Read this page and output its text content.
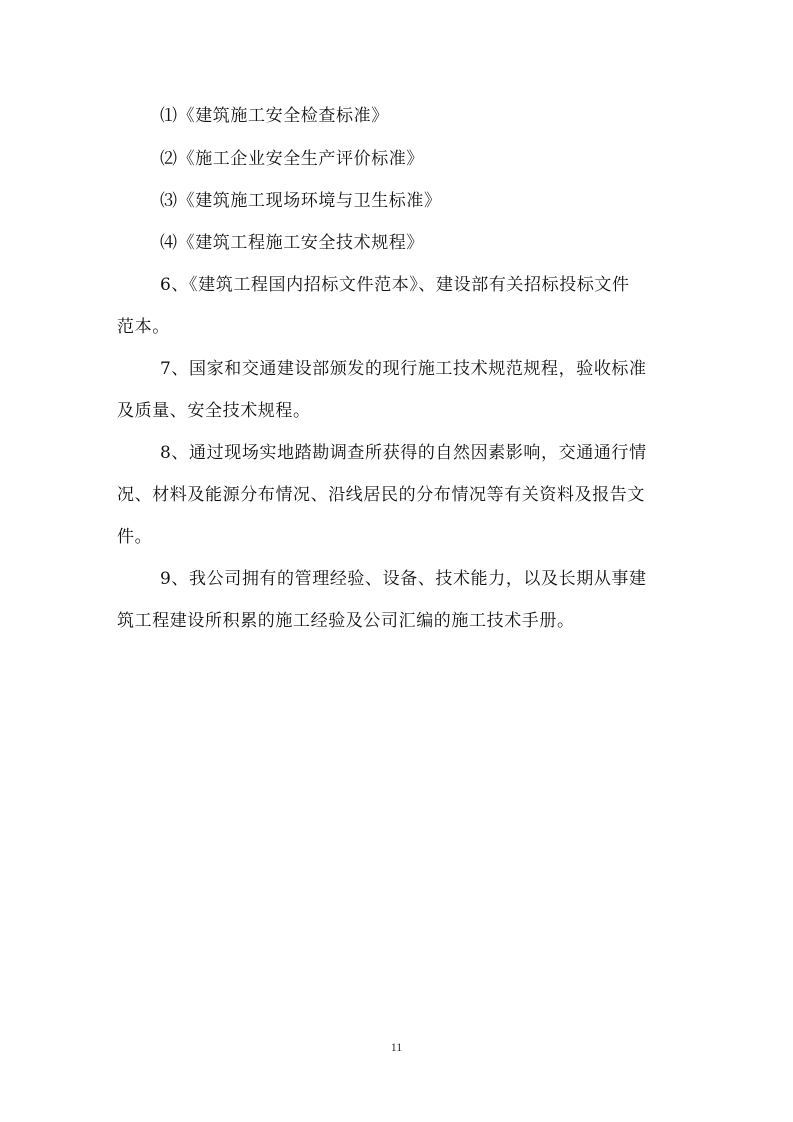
⑴《建筑施工安全检查标准》
⑵《施工企业安全生产评价标准》
⑶《建筑施工现场环境与卫生标准》
⑷《建筑工程施工安全技术规程》
6、《建筑工程国内招标文件范本》、建设部有关招标投标文件
范本。
7、国家和交通建设部颁发的现行施工技术规范规程，验收标准
及质量、安全技术规程。
8、通过现场实地踏勘调查所获得的自然因素影响，交通通行情
况、材料及能源分布情况、沿线居民的分布情况等有关资料及报告文
件。
9、我公司拥有的管理经验、设备、技术能力，以及长期从事建
筑工程建设所积累的施工经验及公司汇编的施工技术手册。
11
